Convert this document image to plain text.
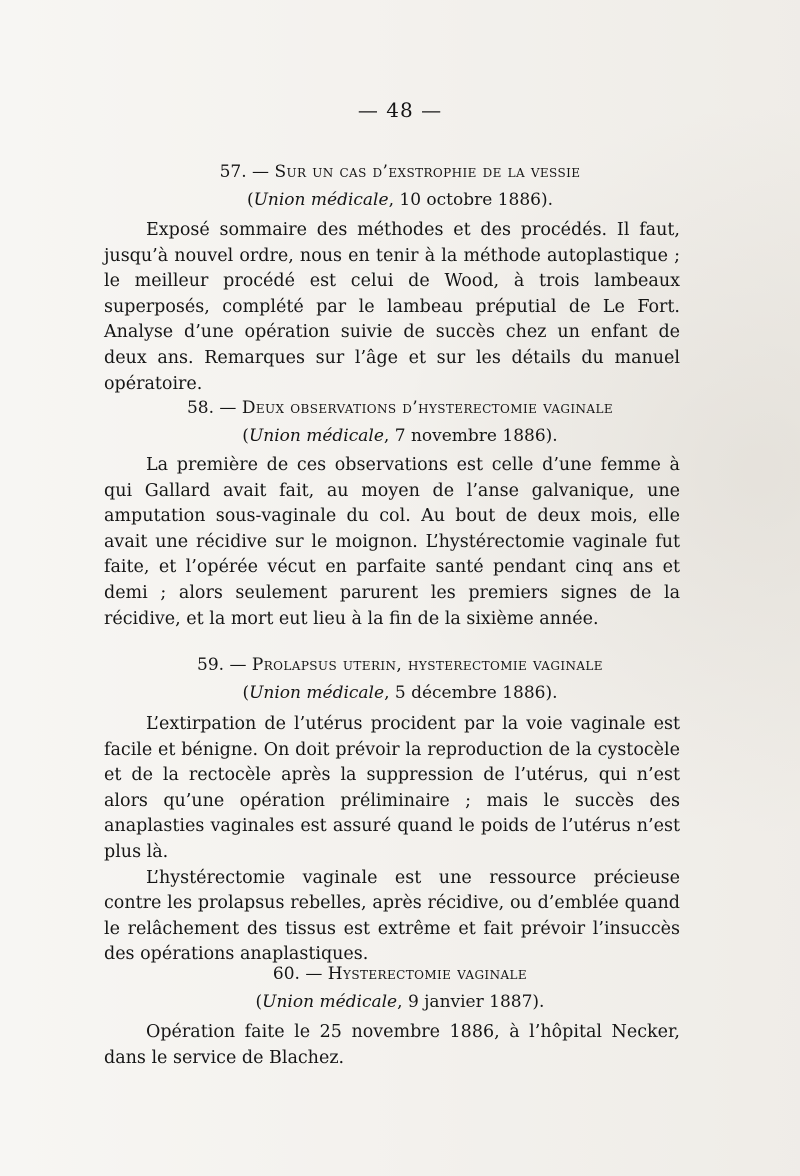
— 48 —
57. — Sur un cas d’exstrophie de la vessie
(Union médicale, 10 octobre 1886).

Exposé sommaire des méthodes et des procédés. Il faut, jusqu’à nouvel ordre, nous en tenir à la méthode autoplastique ; le meilleur procédé est celui de Wood, à trois lambeaux superposés, complété par le lambeau préputial de Le Fort. Analyse d’une opération suivie de succès chez un enfant de deux ans. Remarques sur l’âge et sur les détails du manuel opératoire.

58. — Deux observations d’hysterectomie vaginale
(Union médicale, 7 novembre 1886).

La première de ces observations est celle d’une femme à qui Gallard avait fait, au moyen de l’anse galvanique, une amputation sous-vaginale du col. Au bout de deux mois, elle avait une récidive sur le moignon. L’hystérectomie vaginale fut faite, et l’opérée vécut en parfaite santé pendant cinq ans et demi ; alors seulement parurent les premiers signes de la récidive, et la mort eut lieu à la fin de la sixième année.

59. — Prolapsus uterin, hysterectomie vaginale
(Union médicale, 5 décembre 1886).

L’extirpation de l’utérus procident par la voie vaginale est facile et bénigne. On doit prévoir la reproduction de la cystocèle et de la rectocèle après la suppression de l’utérus, qui n’est alors qu’une opération préliminaire ; mais le succès des anaplasties vaginales est assuré quand le poids de l’utérus n’est plus là.

L’hystérectomie vaginale est une ressource précieuse contre les prolapsus rebelles, après récidive, ou d’emblée quand le relâchement des tissus est extrême et fait prévoir l’insuccès des opérations anaplastiques.

60. — Hysterectomie vaginale
(Union médicale, 9 janvier 1887).

Opération faite le 25 novembre 1886, à l’hôpital Necker, dans le service de Blachez.
